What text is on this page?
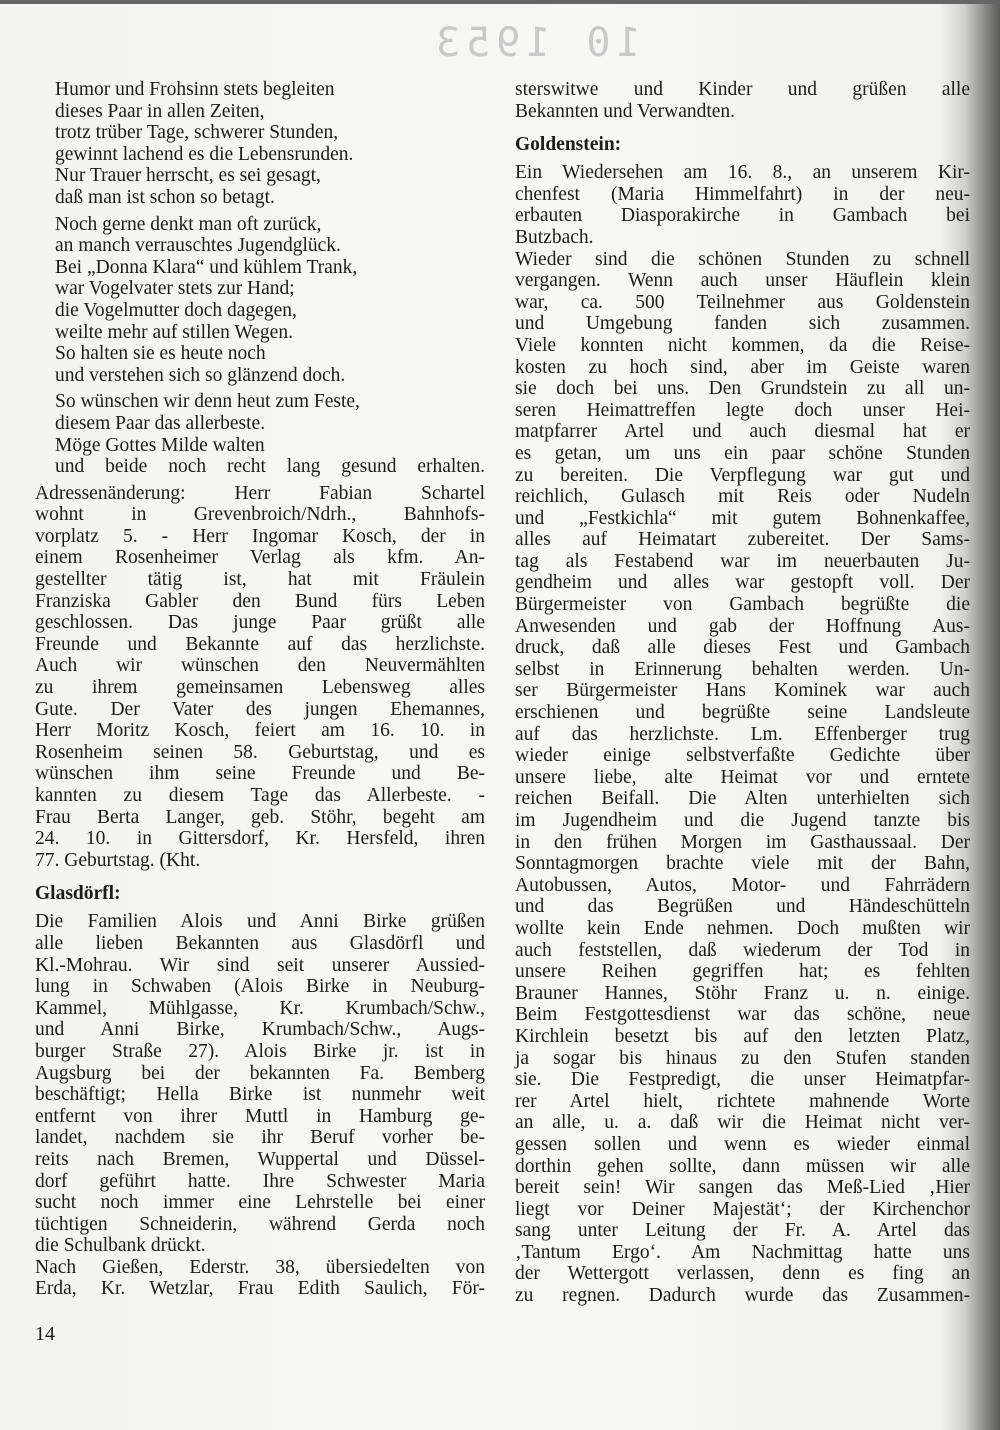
10 1953
Humor und Frohsinn stets begleiten
dieses Paar in allen Zeiten,
trotz trüber Tage, schwerer Stunden,
gewinnt lachend es die Lebensrunden.
Nur Trauer herrscht, es sei gesagt,
daß man ist schon so betagt.
Noch gerne denkt man oft zurück,
an manch verrauschtes Jugendglück.
Bei „Donna Klara“ und kühlem Trank,
war Vogelvater stets zur Hand;
die Vogelmutter doch dagegen,
weilte mehr auf stillen Wegen.
So halten sie es heute noch
und verstehen sich so glänzend doch.
So wünschen wir denn heut zum Feste,
diesem Paar das allerbeste.
Möge Gottes Milde walten
und beide noch recht lang gesund erhalten.
Adressenänderung: Herr Fabian Schartel
wohnt in Grevenbroich/Ndrh., Bahnhofs-
vorplatz 5. - Herr Ingomar Kosch, der in
einem Rosenheimer Verlag als kfm. An-
gestellter tätig ist, hat mit Fräulein
Franziska Gabler den Bund fürs Leben
geschlossen. Das junge Paar grüßt alle
Freunde und Bekannte auf das herzlichste.
Auch wir wünschen den Neuvermählten
zu ihrem gemeinsamen Lebensweg alles
Gute. Der Vater des jungen Ehemannes,
Herr Moritz Kosch, feiert am 16. 10. in
Rosenheim seinen 58. Geburtstag, und es
wünschen ihm seine Freunde und Be-
kannten zu diesem Tage das Allerbeste. -
Frau Berta Langer, geb. Stöhr, begeht am
24. 10. in Gittersdorf, Kr. Hersfeld, ihren
77. Geburtstag. (Kht.
Glasdörfl:
Die Familien Alois und Anni Birke grüßen
alle lieben Bekannten aus Glasdörfl und
Kl.-Mohrau. Wir sind seit unserer Aussied-
lung in Schwaben (Alois Birke in Neuburg-
Kammel, Mühlgasse, Kr. Krumbach/Schw.,
und Anni Birke, Krumbach/Schw., Augs-
burger Straße 27). Alois Birke jr. ist in
Augsburg bei der bekannten Fa. Bemberg
beschäftigt; Hella Birke ist nunmehr weit
entfernt von ihrer Muttl in Hamburg ge-
landet, nachdem sie ihr Beruf vorher be-
reits nach Bremen, Wuppertal und Düssel-
dorf geführt hatte. Ihre Schwester Maria
sucht noch immer eine Lehrstelle bei einer
tüchtigen Schneiderin, während Gerda noch
die Schulbank drückt.
Nach Gießen, Ederstr. 38, übersiedelten von
Erda, Kr. Wetzlar, Frau Edith Saulich, För-
sterswitwe und Kinder und grüßen alle
Bekannten und Verwandten.
Goldenstein:
Ein Wiedersehen am 16. 8., an unserem Kir-
chenfest (Maria Himmelfahrt) in der neu-
erbauten Diasporakirche in Gambach bei
Butzbach.
Wieder sind die schönen Stunden zu schnell
vergangen. Wenn auch unser Häuflein klein
war, ca. 500 Teilnehmer aus Goldenstein
und Umgebung fanden sich zusammen.
Viele konnten nicht kommen, da die Reise-
kosten zu hoch sind, aber im Geiste waren
sie doch bei uns. Den Grundstein zu all un-
seren Heimattreffen legte doch unser Hei-
matpfarrer Artel und auch diesmal hat er
es getan, um uns ein paar schöne Stunden
zu bereiten. Die Verpflegung war gut und
reichlich, Gulasch mit Reis oder Nudeln
und „Festkichla“ mit gutem Bohnenkaffee,
alles auf Heimatart zubereitet. Der Sams-
tag als Festabend war im neuerbauten Ju-
gendheim und alles war gestopft voll. Der
Bürgermeister von Gambach begrüßte die
Anwesenden und gab der Hoffnung Aus-
druck, daß alle dieses Fest und Gambach
selbst in Erinnerung behalten werden. Un-
ser Bürgermeister Hans Kominek war auch
erschienen und begrüßte seine Landsleute
auf das herzlichste. Lm. Effenberger trug
wieder einige selbstverfaßte Gedichte über
unsere liebe, alte Heimat vor und erntete
reichen Beifall. Die Alten unterhielten sich
im Jugendheim und die Jugend tanzte bis
in den frühen Morgen im Gasthaussaal. Der
Sonntagmorgen brachte viele mit der Bahn,
Autobussen, Autos, Motor- und Fahrrädern
und das Begrüßen und Händeschütteln
wollte kein Ende nehmen. Doch mußten wir
auch feststellen, daß wiederum der Tod in
unsere Reihen gegriffen hat; es fehlten
Brauner Hannes, Stöhr Franz u. n. einige.
Beim Festgottesdienst war das schöne, neue
Kirchlein besetzt bis auf den letzten Platz,
ja sogar bis hinaus zu den Stufen standen
sie. Die Festpredigt, die unser Heimatpfar-
rer Artel hielt, richtete mahnende Worte
an alle, u. a. daß wir die Heimat nicht ver-
gessen sollen und wenn es wieder einmal
dorthin gehen sollte, dann müssen wir alle
bereit sein! Wir sangen das Meß-Lied ‚Hier
liegt vor Deiner Majestät‘; der Kirchenchor
sang unter Leitung der Fr. A. Artel das
‚Tantum Ergo‘. Am Nachmittag hatte uns
der Wettergott verlassen, denn es fing an
zu regnen. Dadurch wurde das Zusammen-
14
